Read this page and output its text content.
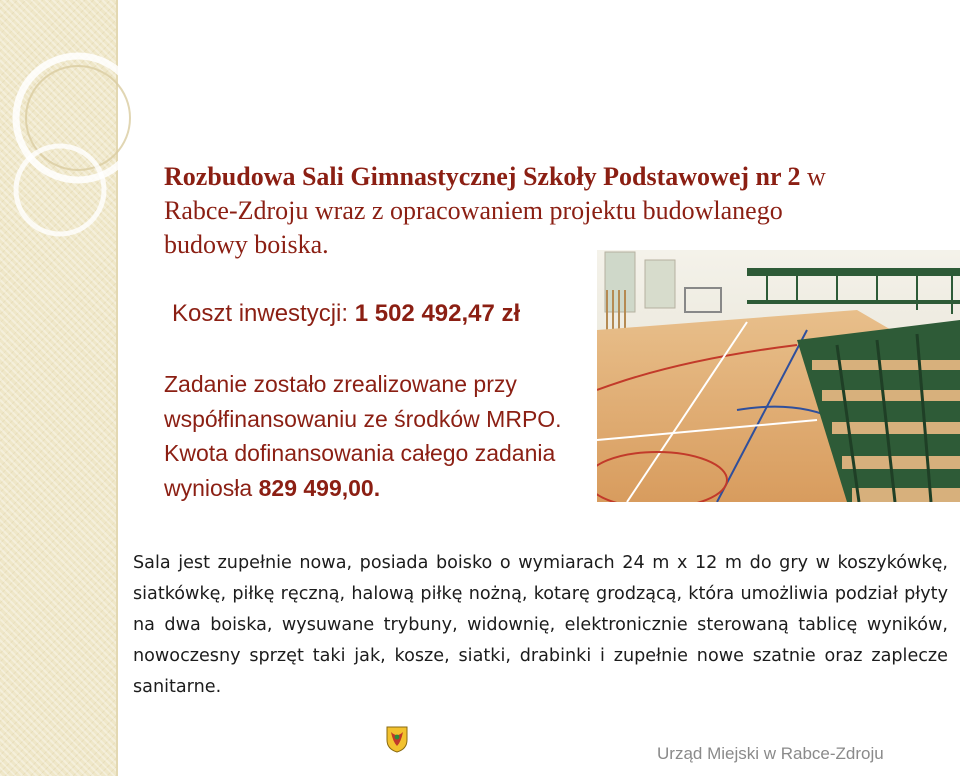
Rozbudowa Sali Gimnastycznej Szkoły Podstawowej nr 2 w Rabce-Zdroju wraz z opracowaniem projektu budowlanego budowy boiska.
Koszt inwestycji: 1 502 492,47 zł
Zadanie zostało zrealizowane przy współfinansowaniu ze środków MRPO. Kwota dofinansowania całego zadania wyniosła 829 499,00.
Sala jest zupełnie nowa, posiada boisko o wymiarach 24 m x 12 m do gry w koszykówkę, siatkówkę, piłkę ręczną, halową piłkę nożną, kotarę grodzącą, która umożliwia podział płyty na dwa boiska, wysuwane trybuny, widownię, elektronicznie sterowaną tablicę wyników, nowoczesny sprzęt taki jak, kosze, siatki, drabinki i zupełnie nowe szatnie oraz zaplecze sanitarne.
Urząd Miejski w Rabce-Zdroju
